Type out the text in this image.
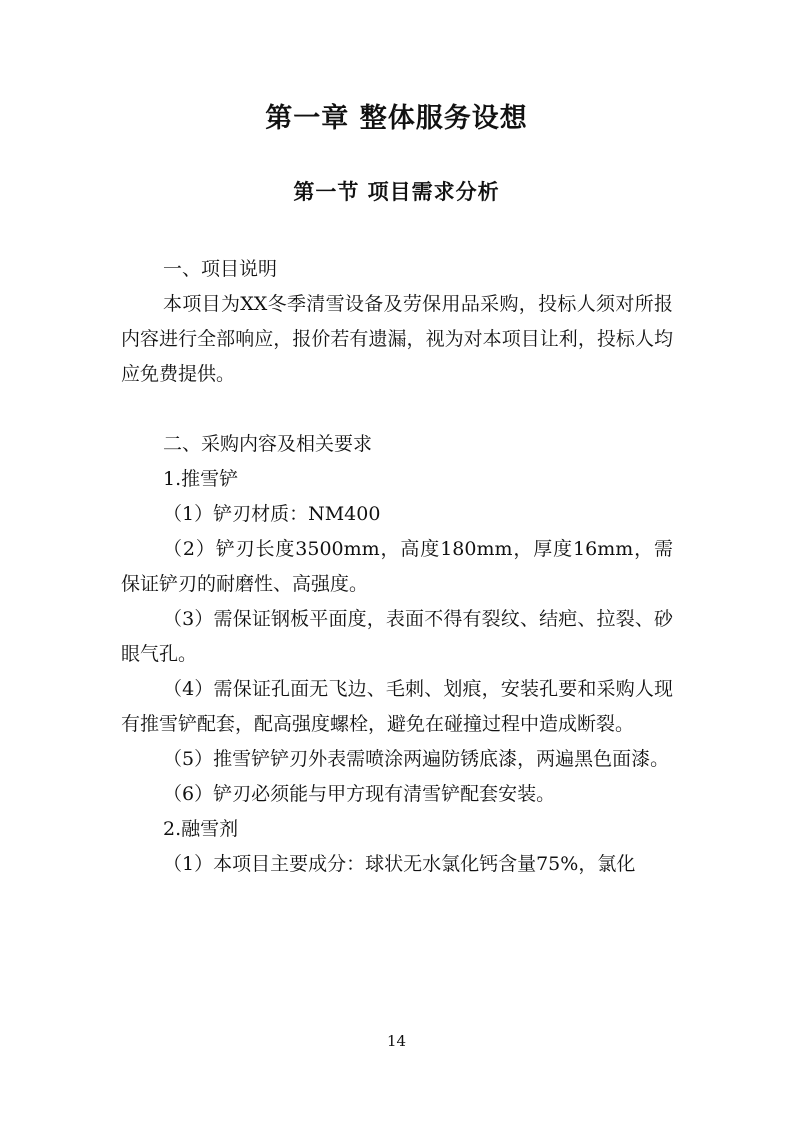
第一章 整体服务设想
第一节 项目需求分析

一、项目说明

本项目为XX冬季清雪设备及劳保用品采购，投标人须对所报内容进行全部响应，报价若有遗漏，视为对本项目让利，投标人均应免费提供。

二、采购内容及相关要求

1.推雪铲

（1）铲刃材质：NM400

（2）铲刃长度3500mm，高度180mm，厚度16mm，需保证铲刃的耐磨性、高强度。

（3）需保证钢板平面度，表面不得有裂纹、结疤、拉裂、砂眼气孔。

（4）需保证孔面无飞边、毛刺、划痕，安装孔要和采购人现有推雪铲配套，配高强度螺栓，避免在碰撞过程中造成断裂。

（5）推雪铲铲刃外表需喷涂两遍防锈底漆，两遍黑色面漆。

（6）铲刃必须能与甲方现有清雪铲配套安装。

2.融雪剂

（1）本项目主要成分：球状无水氯化钙含量75%，氯化

14
